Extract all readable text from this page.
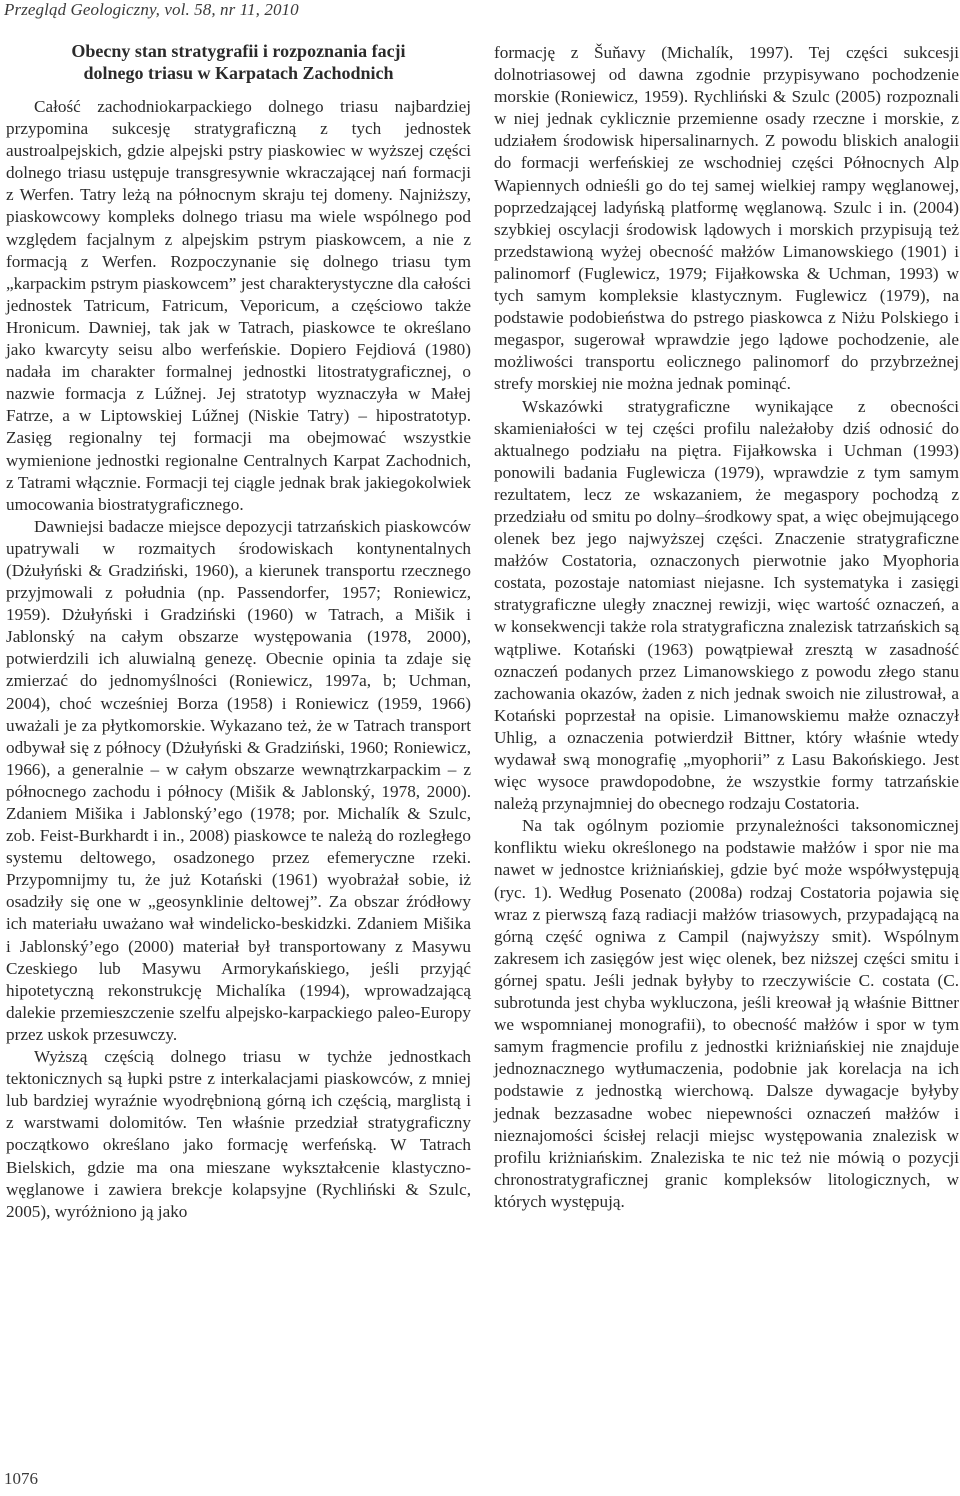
Przegląd Geologiczny, vol. 58, nr 11, 2010
Obecny stan stratygrafii i rozpoznania facji
dolnego triasu w Karpatach Zachodnich

Całość zachodniokarpackiego dolnego triasu najbardziej przypomina sukcesję stratygraficzną z tych jednostek austroalpejskich, gdzie alpejski pstry piaskowiec w wyższej części dolnego triasu ustępuje transgresywnie wkraczającej nań formacji z Werfen. Tatry leżą na północnym skraju tej domeny. Najniższy, piaskowcowy kompleks dolnego triasu ma wiele wspólnego pod względem facjalnym z alpejskim pstrym piaskowcem, a nie z formacją z Werfen. Rozpoczynanie się dolnego triasu tym „karpackim pstrym piaskowcem” jest charakterystyczne dla całości jednostek Tatricum, Fatricum, Veporicum, a częściowo także Hronicum. Dawniej, tak jak w Tatrach, piaskowce te określano jako kwarcyty seisu albo werfeńskie. Dopiero Fejdiová (1980) nadała im charakter formalnej jednostki litostratygraficznej, o nazwie formacja z Lúžnej. Jej stratotyp wyznaczyła w Małej Fatrze, a w Liptowskiej Lúžnej (Niskie Tatry) – hipostratotyp. Zasięg regionalny tej formacji ma obejmować wszystkie wymienione jednostki regionalne Centralnych Karpat Zachodnich, z Tatrami włącznie. Formacji tej ciągle jednak brak jakiegokolwiek umocowania biostratygraficznego.

Dawniejsi badacze miejsce depozycji tatrzańskich piaskowców upatrywali w rozmaitych środowiskach kontynentalnych (Dżułyński & Gradziński, 1960), a kierunek transportu rzecznego przyjmowali z południa (np. Passendorfer, 1957; Roniewicz, 1959). Dżułyński i Gradziński (1960) w Tatrach, a Mišik i Jablonský na całym obszarze występowania (1978, 2000), potwierdzili ich aluwialną genezę. Obecnie opinia ta zdaje się zmierzać do jednomyślności (Roniewicz, 1997a, b; Uchman, 2004), choć wcześniej Borza (1958) i Roniewicz (1959, 1966) uważali je za płytkomorskie. Wykazano też, że w Tatrach transport odbywał się z północy (Dżułyński & Gradziński, 1960; Roniewicz, 1966), a generalnie – w całym obszarze wewnątrzkarpackim – z północnego zachodu i północy (Mišik & Jablonský, 1978, 2000). Zdaniem Mišika i Jablonský’ego (1978; por. Michalík & Szulc, zob. Feist-Burkhardt i in., 2008) piaskowce te należą do rozległego systemu deltowego, osadzonego przez efemeryczne rzeki. Przypomnijmy tu, że już Kotański (1961) wyobrażał sobie, iż osadziły się one w „geosynklinie deltowej”. Za obszar źródłowy ich materiału uważano wał windelicko-beskidzki. Zdaniem Mišika i Jablonský’ego (2000) materiał był transportowany z Masywu Czeskiego lub Masywu Armorykańskiego, jeśli przyjąć hipotetyczną rekonstrukcję Michalíka (1994), wprowadzającą dalekie przemieszczenie szelfu alpejsko-karpackiego paleo-Europy przez uskok przesuwczy.

Wyższą częścią dolnego triasu w tychże jednostkach tektonicznych są łupki pstre z interkalacjami piaskowców, z mniej lub bardziej wyraźnie wyodrębnioną górną ich częścią, marglistą i z warstwami dolomitów. Ten właśnie przedział stratygraficzny początkowo określano jako formację werfeńską. W Tatrach Bielskich, gdzie ma ona mieszane wykształcenie klastyczno-węglanowe i zawiera brekcje kolapsyjne (Rychliński & Szulc, 2005), wyróżniono ją jako

formację z Šuňavy (Michalík, 1997). Tej części sukcesji dolnotriasowej od dawna zgodnie przypisywano pochodzenie morskie (Roniewicz, 1959). Rychliński & Szulc (2005) rozpoznali w niej jednak cyklicznie przemienne osady rzeczne i morskie, z udziałem środowisk hipersalinarnych. Z powodu bliskich analogii do formacji werfeńskiej ze wschodniej części Północnych Alp Wapiennych odnieśli go do tej samej wielkiej rampy węglanowej, poprzedzającej ladyńską platformę węglanową. Szulc i in. (2004) szybkiej oscylacji środowisk lądowych i morskich przypisują też przedstawioną wyżej obecność małżów Limanowskiego (1901) i palinomorf (Fuglewicz, 1979; Fijałkowska & Uchman, 1993) w tych samym kompleksie klastycznym. Fuglewicz (1979), na podstawie podobieństwa do pstrego piaskowca z Niżu Polskiego i megaspor, sugerował wprawdzie jego lądowe pochodzenie, ale możliwości transportu eolicznego palinomorf do przybrzeżnej strefy morskiej nie można jednak pominąć.

Wskazówki stratygraficzne wynikające z obecności skamieniałości w tej części profilu należałoby dziś odnosić do aktualnego podziału na piętra. Fijałkowska i Uchman (1993) ponowili badania Fuglewicza (1979), wprawdzie z tym samym rezultatem, lecz ze wskazaniem, że megaspory pochodzą z przedziału od smitu po dolny–środkowy spat, a więc obejmującego olenek bez jego najwyższej części. Znaczenie stratygraficzne małżów Costatoria, oznaczonych pierwotnie jako Myophoria costata, pozostaje natomiast niejasne. Ich systematyka i zasięgi stratygraficzne uległy znacznej rewizji, więc wartość oznaczeń, a w konsekwencji także rola stratygraficzna znalezisk tatrzańskich są wątpliwe. Kotański (1963) powątpiewał zresztą w zasadność oznaczeń podanych przez Limanowskiego z powodu złego stanu zachowania okazów, żaden z nich jednak swoich nie zilustrował, a Kotański poprzestał na opisie. Limanowskiemu małże oznaczył Uhlig, a oznaczenia potwierdził Bittner, który właśnie wtedy wydawał swą monografię „myophorii” z Lasu Bakońskiego. Jest więc wysoce prawdopodobne, że wszystkie formy tatrzańskie należą przynajmniej do obecnego rodzaju Costatoria.

Na tak ogólnym poziomie przynależności taksonomicznej konfliktu wieku określonego na podstawie małżów i spor nie ma nawet w jednostce kriżniańskiej, gdzie być może współwystępują (ryc. 1). Według Posenato (2008a) rodzaj Costatoria pojawia się wraz z pierwszą fazą radiacji małżów triasowych, przypadającą na górną część ogniwa z Campil (najwyższy smit). Wspólnym zakresem ich zasięgów jest więc olenek, bez niższej części smitu i górnej spatu. Jeśli jednak byłyby to rzeczywiście C. costata (C. subrotunda jest chyba wykluczona, jeśli kreował ją właśnie Bittner we wspomnianej monografii), to obecność małżów i spor w tym samym fragmencie profilu z jednostki kriżniańskiej nie znajduje jednoznacznego wytłumaczenia, podobnie jak korelacja na ich podstawie z jednostką wierchową. Dalsze dywagacje byłyby jednak bezzasadne wobec niepewności oznaczeń małżów i nieznajomości ścisłej relacji miejsc występowania znalezisk w profilu kriżniańskim. Znaleziska te nic też nie mówią o pozycji chronostratygraficznej granic kompleksów litologicznych, w których występują.

1076
